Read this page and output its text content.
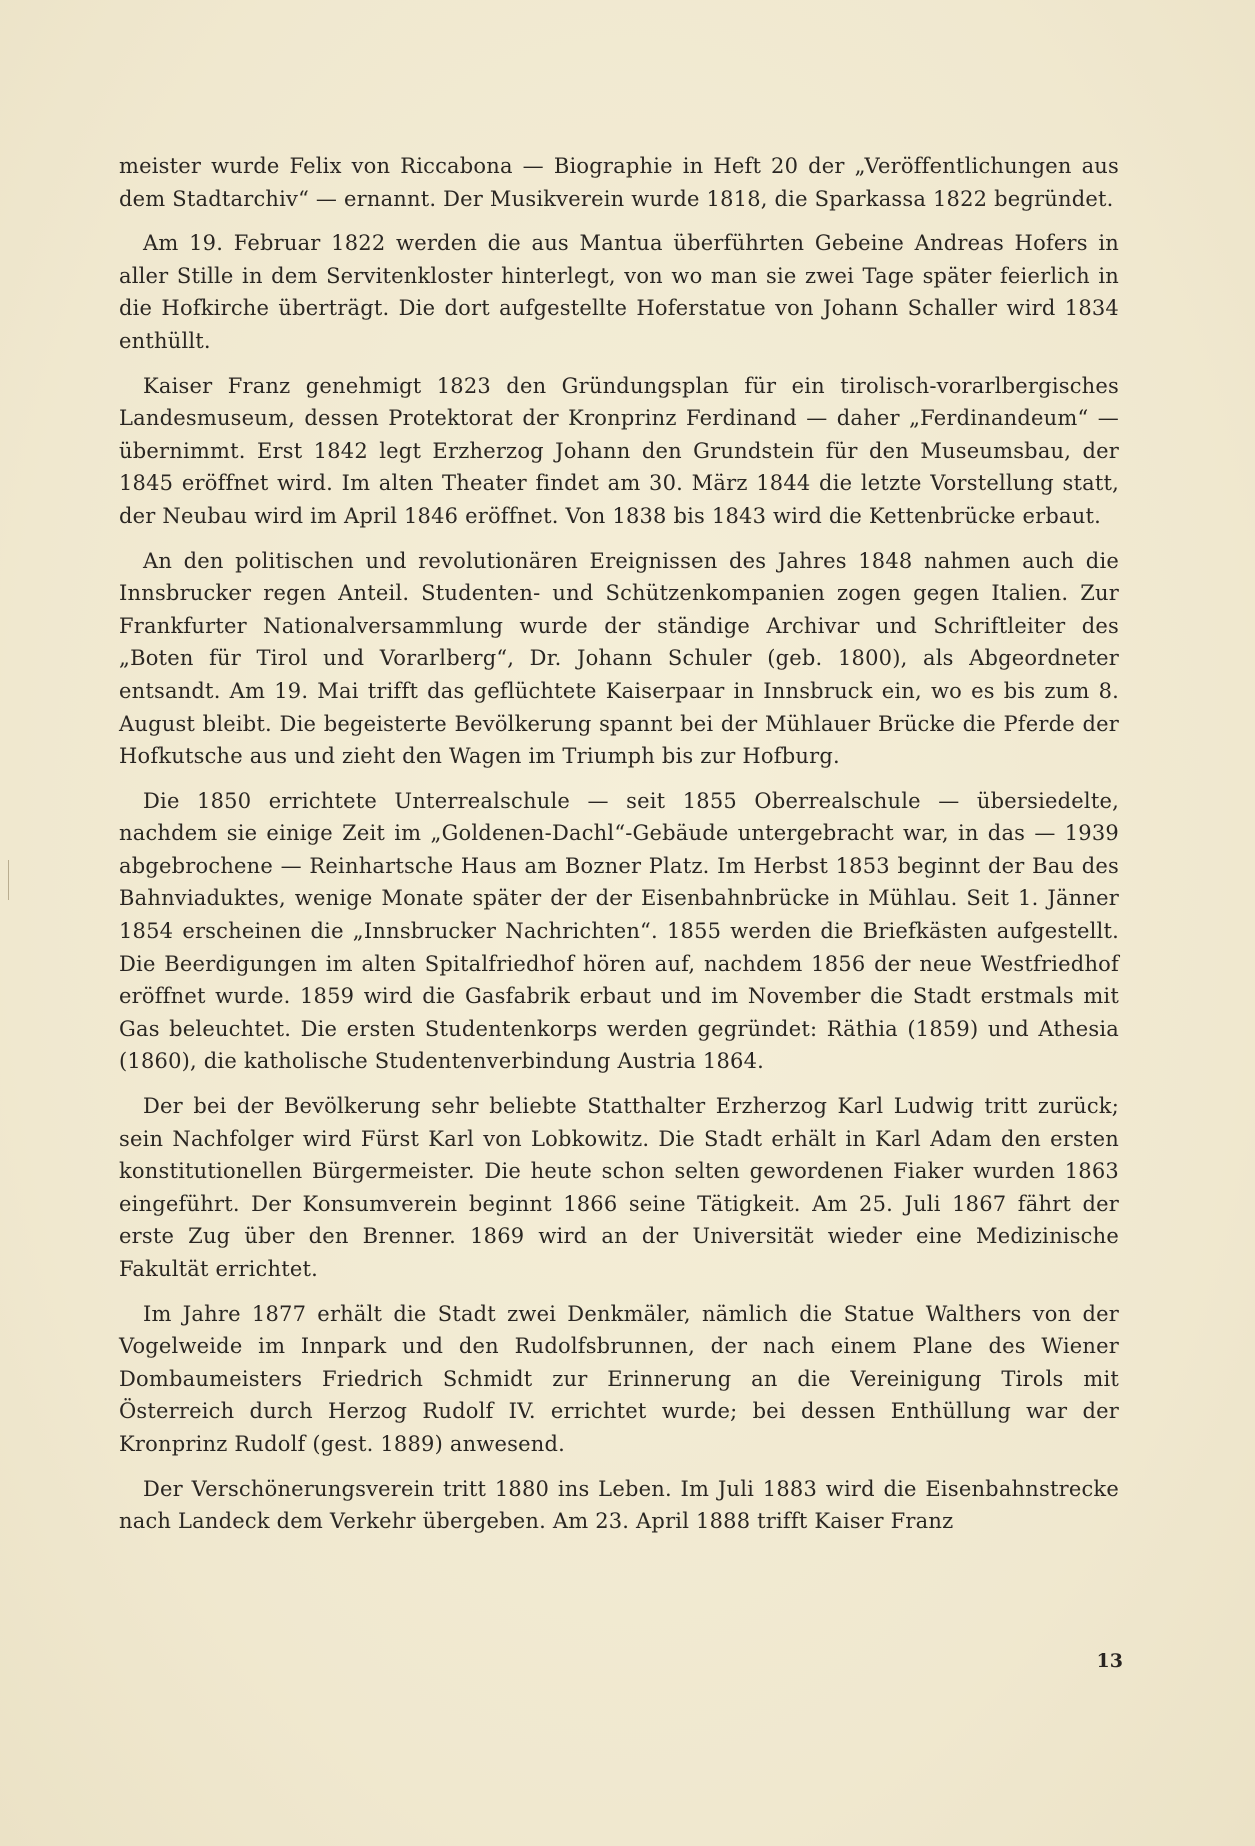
meister wurde Felix von Riccabona — Biographie in Heft 20 der „Veröffentlichungen aus dem Stadtarchiv“ — ernannt. Der Musikverein wurde 1818, die Sparkassa 1822 begründet.

Am 19. Februar 1822 werden die aus Mantua überführten Gebeine Andreas Hofers in aller Stille in dem Servitenkloster hinterlegt, von wo man sie zwei Tage später feierlich in die Hofkirche überträgt. Die dort aufgestellte Hoferstatue von Johann Schaller wird 1834 enthüllt.

Kaiser Franz genehmigt 1823 den Gründungsplan für ein tirolisch-vorarlbergisches Landesmuseum, dessen Protektorat der Kronprinz Ferdinand — daher „Ferdinandeum“ — übernimmt. Erst 1842 legt Erzherzog Johann den Grundstein für den Museumsbau, der 1845 eröffnet wird. Im alten Theater findet am 30. März 1844 die letzte Vorstellung statt, der Neubau wird im April 1846 eröffnet. Von 1838 bis 1843 wird die Kettenbrücke erbaut.

An den politischen und revolutionären Ereignissen des Jahres 1848 nahmen auch die Innsbrucker regen Anteil. Studenten- und Schützenkompanien zogen gegen Italien. Zur Frankfurter Nationalversammlung wurde der ständige Archivar und Schriftleiter des „Boten für Tirol und Vorarlberg“, Dr. Johann Schuler (geb. 1800), als Abgeordneter entsandt. Am 19. Mai trifft das geflüchtete Kaiserpaar in Innsbruck ein, wo es bis zum 8. August bleibt. Die begeisterte Bevölkerung spannt bei der Mühlauer Brücke die Pferde der Hofkutsche aus und zieht den Wagen im Triumph bis zur Hofburg.

Die 1850 errichtete Unterrealschule — seit 1855 Oberrealschule — übersiedelte, nachdem sie einige Zeit im „Goldenen-Dachl“-Gebäude untergebracht war, in das — 1939 abgebrochene — Reinhartsche Haus am Bozner Platz. Im Herbst 1853 beginnt der Bau des Bahnviaduktes, wenige Monate später der der Eisenbahnbrücke in Mühlau. Seit 1. Jänner 1854 erscheinen die „Innsbrucker Nachrichten“. 1855 werden die Briefkästen aufgestellt. Die Beerdigungen im alten Spitalfriedhof hören auf, nachdem 1856 der neue Westfriedhof eröffnet wurde. 1859 wird die Gasfabrik erbaut und im November die Stadt erstmals mit Gas beleuchtet. Die ersten Studentenkorps werden gegründet: Räthia (1859) und Athesia (1860), die katholische Studentenverbindung Austria 1864.

Der bei der Bevölkerung sehr beliebte Statthalter Erzherzog Karl Ludwig tritt zurück; sein Nachfolger wird Fürst Karl von Lobkowitz. Die Stadt erhält in Karl Adam den ersten konstitutionellen Bürgermeister. Die heute schon selten gewordenen Fiaker wurden 1863 eingeführt. Der Konsumverein beginnt 1866 seine Tätigkeit. Am 25. Juli 1867 fährt der erste Zug über den Brenner. 1869 wird an der Universität wieder eine Medizinische Fakultät errichtet.

Im Jahre 1877 erhält die Stadt zwei Denkmäler, nämlich die Statue Walthers von der Vogelweide im Innpark und den Rudolfsbrunnen, der nach einem Plane des Wiener Dombaumeisters Friedrich Schmidt zur Erinnerung an die Vereinigung Tirols mit Österreich durch Herzog Rudolf IV. errichtet wurde; bei dessen Enthüllung war der Kronprinz Rudolf (gest. 1889) anwesend.

Der Verschönerungsverein tritt 1880 ins Leben. Im Juli 1883 wird die Eisenbahnstrecke nach Landeck dem Verkehr übergeben. Am 23. April 1888 trifft Kaiser Franz

13
